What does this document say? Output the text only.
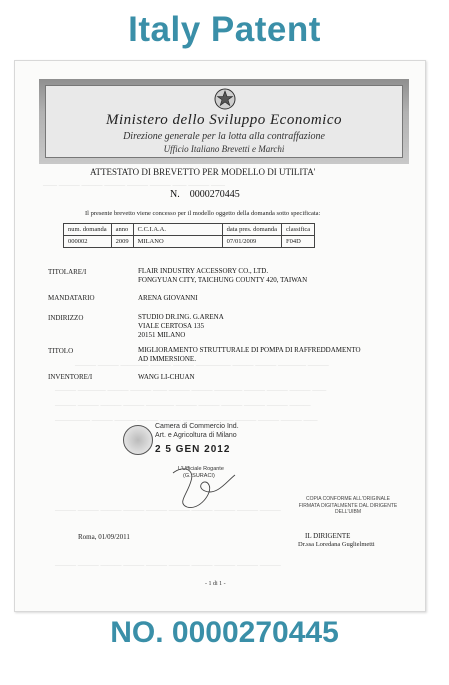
Italy Patent
—— ——— ——— ——— ——— ——— —— ——— ——
——— ——— ———— ——— ——— ————— ——— ——— ———— ———
——— ———— ——— ——— —— ——— ——— ———— ——— ——— ——— ——
——— ——— ——— ——— ———— ——— ——— ——— ——— ——— ———
————— ——— ——— ——— ——— ———— ——— ——— ——— ——— ——
——— ——— ——— ——— ——— ——— ——— ——— ——— ———
——— ——— ——— ——— ——— ——— ——— ——— ——— ———
Ministero dello Sviluppo Economico
Direzione generale per la lotta alla contraffazione
Ufficio Italiano Brevetti e Marchi
ATTESTATO DI BREVETTO PER MODELLO DI UTILITA'
N. 0000270445
Il presente brevetto viene concesso per il modello oggetto della domanda sotto specificata:
num. domanda	anno	C.C.I.A.A.	data pres. domanda	classifica
000002	2009	MILANO	07/01/2009	F04D
TITOLARE/I	FLAIR INDUSTRY ACCESSORY CO., LTD.
FONGYUAN CITY, TAICHUNG COUNTY 420, TAIWAN
MANDATARIO	ARENA GIOVANNI
INDIRIZZO	STUDIO DR.ING. G.ARENA
VIALE CERTOSA 135
20151 MILANO
TITOLO	MIGLIORAMENTO STRUTTURALE DI POMPA DI RAFFREDDAMENTO
AD IMMERSIONE.
INVENTORE/I	WANG LI-CHUAN
Camera di Commercio Ind.
Art. e Agricoltura di Milano
2 5 GEN 2012
L'Ufficiale Rogante
(G. SURACI)
COPIA CONFORME ALL'ORIGINALE FIRMATA DIGITALMENTE DAL DIRIGENTE DELL'UIBM
Roma, 01/09/2011	IL DIRIGENTE
Dr.ssa Loredana Guglielmetti
- 1 di 1 -
NO. 0000270445
